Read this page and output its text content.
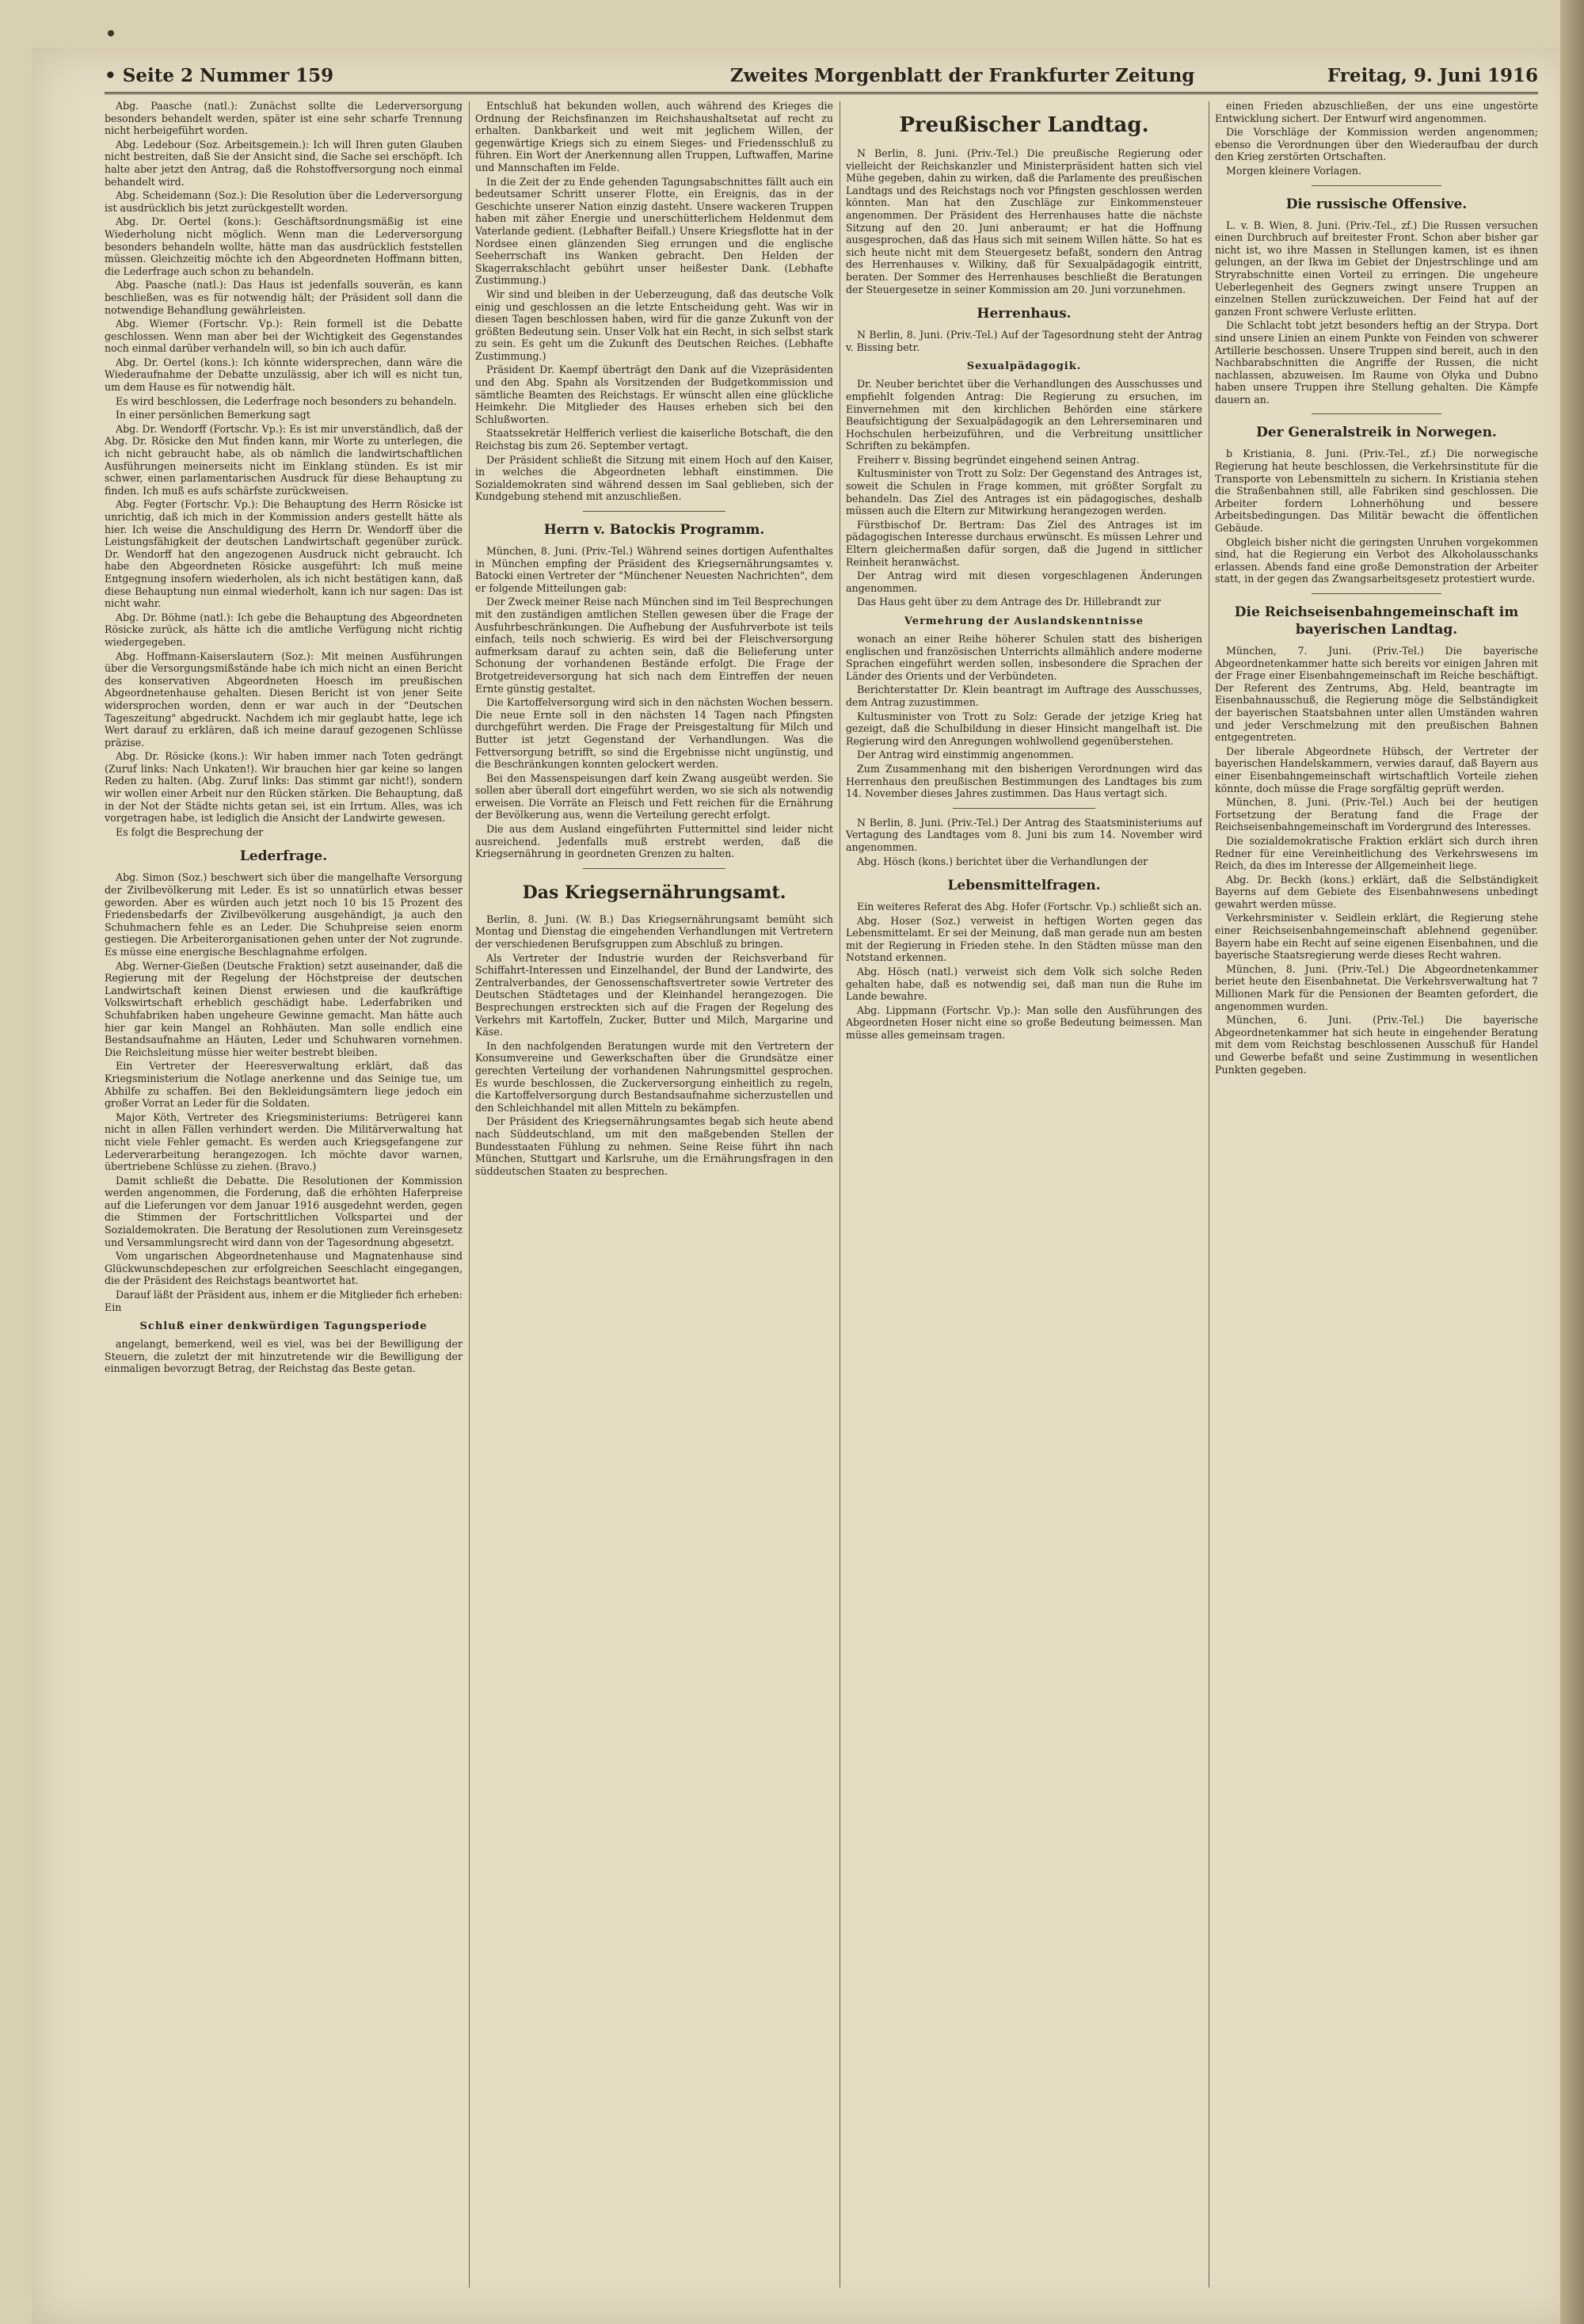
• Seite 2 Nummer 159	Zweites Morgenblatt der Frankfurter Zeitung	Freitag, 9. Juni 1916

Abg. Paasche (natl.): Zunächst sollte die Lederversorgung besonders behandelt werden, später ist eine sehr scharfe Trennung nicht herbeigeführt worden.

Abg. Ledebour (Soz. Arbeitsgemein.): Ich will Ihren guten Glauben nicht bestreiten, daß Sie der Ansicht sind, die Sache sei erschöpft. Ich halte aber jetzt den Antrag, daß die Rohstoffversorgung noch einmal behandelt wird.

Abg. Scheidemann (Soz.): Die Resolution über die Lederversorgung ist ausdrücklich bis jetzt zurückgestellt worden.

Abg. Dr. Oertel (kons.): Geschäftsordnungsmäßig ist eine Wiederholung nicht möglich. Wenn man die Lederversorgung besonders behandeln wollte, hätte man das ausdrücklich feststellen müssen. Gleichzeitig möchte ich den Abgeordneten Hoffmann bitten, die Lederfrage auch schon zu behandeln.

Abg. Paasche (natl.): Das Haus ist jedenfalls souverän, es kann beschließen, was es für notwendig hält; der Präsident soll dann die notwendige Behandlung gewährleisten.

Abg. Wiemer (Fortschr. Vp.): Rein formell ist die Debatte geschlossen. Wenn man aber bei der Wichtigkeit des Gegenstandes noch einmal darüber verhandeln will, so bin ich auch dafür.

Abg. Dr. Oertel (kons.): Ich könnte widersprechen, dann wäre die Wiederaufnahme der Debatte unzulässig, aber ich will es nicht tun, um dem Hause es für notwendig hält.

Es wird beschlossen, die Lederfrage noch besonders zu behandeln.

In einer persönlichen Bemerkung sagt

Abg. Dr. Wendorff (Fortschr. Vp.): Es ist mir unverständlich, daß der Abg. Dr. Rösicke den Mut finden kann, mir Worte zu unterlegen, die ich nicht gebraucht habe, als ob nämlich die landwirtschaftlichen Ausführungen meinerseits nicht im Einklang stünden. Es ist mir schwer, einen parlamentarischen Ausdruck für diese Behauptung zu finden. Ich muß es aufs schärfste zurückweisen.

Abg. Fegter (Fortschr. Vp.): Die Behauptung des Herrn Rösicke ist unrichtig, daß ich mich in der Kommission anders gestellt hätte als hier. Ich weise die Anschuldigung des Herrn Dr. Wendorff über die Leistungsfähigkeit der deutschen Landwirtschaft gegenüber zurück. Dr. Wendorff hat den angezogenen Ausdruck nicht gebraucht. Ich habe den Abgeordneten Rösicke ausgeführt: Ich muß meine Entgegnung insofern wiederholen, als ich nicht bestätigen kann, daß diese Behauptung nun einmal wiederholt, kann ich nur sagen: Das ist nicht wahr.

Abg. Dr. Böhme (natl.): Ich gebe die Behauptung des Abgeordneten Rösicke zurück, als hätte ich die amtliche Verfügung nicht richtig wiedergegeben.

Abg. Hoffmann-Kaiserslautern (Soz.): Mit meinen Ausführungen über die Versorgungsmißstände habe ich mich nicht an einen Bericht des konservativen Abgeordneten Hoesch im preußischen Abgeordnetenhause gehalten. Diesen Bericht ist von jener Seite widersprochen worden, denn er war auch in der "Deutschen Tageszeitung" abgedruckt. Nachdem ich mir geglaubt hatte, lege ich Wert darauf zu erklären, daß ich meine darauf gezogenen Schlüsse präzise.

Abg. Dr. Rösicke (kons.): Wir haben immer nach Toten gedrängt (Zuruf links: Nach Unkaten!). Wir brauchen hier gar keine so langen Reden zu halten. (Abg. Zuruf links: Das stimmt gar nicht!), sondern wir wollen einer Arbeit nur den Rücken stärken. Die Behauptung, daß in der Not der Städte nichts getan sei, ist ein Irrtum. Alles, was ich vorgetragen habe, ist lediglich die Ansicht der Landwirte gewesen.

Es folgt die Besprechung der

Lederfrage.

Abg. Simon (Soz.) beschwert sich über die mangelhafte Versorgung der Zivilbevölkerung mit Leder. Es ist so unnatürlich etwas besser geworden. Aber es würden auch jetzt noch 10 bis 15 Prozent des Friedensbedarfs der Zivilbevölkerung ausgehändigt, ja auch den Schuhmachern fehle es an Leder. Die Schuhpreise seien enorm gestiegen. Die Arbeiterorganisationen gehen unter der Not zugrunde. Es müsse eine energische Beschlagnahme erfolgen.

Abg. Werner-Gießen (Deutsche Fraktion) setzt auseinander, daß die Regierung mit der Regelung der Höchstpreise der deutschen Landwirtschaft keinen Dienst erwiesen und die kaufkräftige Volkswirtschaft erheblich geschädigt habe. Lederfabriken und Schuhfabriken haben ungeheure Gewinne gemacht. Man hätte auch hier gar kein Mangel an Rohhäuten. Man solle endlich eine Bestandsaufnahme an Häuten, Leder und Schuhwaren vornehmen. Die Reichsleitung müsse hier weiter bestrebt bleiben.

Ein Vertreter der Heeresverwaltung erklärt, daß das Kriegsministerium die Notlage anerkenne und das Seinige tue, um Abhilfe zu schaffen. Bei den Bekleidungsämtern liege jedoch ein großer Vorrat an Leder für die Soldaten.

Major Köth, Vertreter des Kriegsministeriums: Betrügerei kann nicht in allen Fällen verhindert werden. Die Militärverwaltung hat nicht viele Fehler gemacht. Es werden auch Kriegsgefangene zur Lederverarbeitung herangezogen. Ich möchte davor warnen, übertriebene Schlüsse zu ziehen. (Bravo.)

Damit schließt die Debatte. Die Resolutionen der Kommission werden angenommen, die Forderung, daß die erhöhten Haferpreise auf die Lieferungen vor dem Januar 1916 ausgedehnt werden, gegen die Stimmen der Fortschrittlichen Volkspartei und der Sozialdemokraten. Die Beratung der Resolutionen zum Vereinsgesetz und Versammlungsrecht wird dann von der Tagesordnung abgesetzt.

Vom ungarischen Abgeordnetenhause und Magnatenhause sind Glückwunschdepeschen zur erfolgreichen Seeschlacht eingegangen, die der Präsident des Reichstags beantwortet hat.

Darauf läßt der Präsident aus, inhem er die Mitglieder fich erheben: Ein

Schluß einer denkwürdigen Tagungsperiode

angelangt, bemerkend, weil es viel, was bei der Bewilligung der Steuern, die zuletzt der mit hinzutretende wir die Bewilligung der einmaligen bevorzugt Betrag, der Reichstag das Beste getan.

Entschluß hat bekunden wollen, auch während des Krieges die Ordnung der Reichsfinanzen im Reichshaushaltsetat auf recht zu erhalten. Dankbarkeit und weit mit jeglichem Willen, der gegenwärtige Kriegs sich zu einem Sieges- und Friedensschluß zu führen. Ein Wort der Anerkennung allen Truppen, Luftwaffen, Marine und Mannschaften im Felde.

In die Zeit der zu Ende gehenden Tagungsabschnittes fällt auch ein bedeutsamer Schritt unserer Flotte, ein Ereignis, das in der Geschichte unserer Nation einzig dasteht. Unsere wackeren Truppen haben mit zäher Energie und unerschütterlichem Heldenmut dem Vaterlande gedient. (Lebhafter Beifall.) Unsere Kriegsflotte hat in der Nordsee einen glänzenden Sieg errungen und die englische Seeherrschaft ins Wanken gebracht. Den Helden der Skagerrakschlacht gebührt unser heißester Dank. (Lebhafte Zustimmung.)

Wir sind und bleiben in der Ueberzeugung, daß das deutsche Volk einig und geschlossen an die letzte Entscheidung geht. Was wir in diesen Tagen beschlossen haben, wird für die ganze Zukunft von der größten Bedeutung sein. Unser Volk hat ein Recht, in sich selbst stark zu sein. Es geht um die Zukunft des Deutschen Reiches. (Lebhafte Zustimmung.)

Präsident Dr. Kaempf überträgt den Dank auf die Vizepräsidenten und den Abg. Spahn als Vorsitzenden der Budgetkommission und sämtliche Beamten des Reichstags. Er wünscht allen eine glückliche Heimkehr. Die Mitglieder des Hauses erheben sich bei den Schlußworten.

Staatssekretär Helfferich verliest die kaiserliche Botschaft, die den Reichstag bis zum 26. September vertagt.

Der Präsident schließt die Sitzung mit einem Hoch auf den Kaiser, in welches die Abgeordneten lebhaft einstimmen. Die Sozialdemokraten sind während dessen im Saal geblieben, sich der Kundgebung stehend mit anzuschließen.

Herrn v. Batockis Programm.

München, 8. Juni. (Priv.-Tel.) Während seines dortigen Aufenthaltes in München empfing der Präsident des Kriegsernährungsamtes v. Batocki einen Vertreter der "Münchener Neuesten Nachrichten", dem er folgende Mitteilungen gab:

Der Zweck meiner Reise nach München sind im Teil Besprechungen mit den zuständigen amtlichen Stellen gewesen über die Frage der Ausfuhrbeschränkungen. Die Aufhebung der Ausfuhrverbote ist teils einfach, teils noch schwierig. Es wird bei der Fleischversorgung aufmerksam darauf zu achten sein, daß die Belieferung unter Schonung der vorhandenen Bestände erfolgt. Die Frage der Brotgetreideversorgung hat sich nach dem Eintreffen der neuen Ernte günstig gestaltet.

Die Kartoffelversorgung wird sich in den nächsten Wochen bessern. Die neue Ernte soll in den nächsten 14 Tagen nach Pfingsten durchgeführt werden. Die Frage der Preisgestaltung für Milch und Butter ist jetzt Gegenstand der Verhandlungen. Was die Fettversorgung betrifft, so sind die Ergebnisse nicht ungünstig, und die Beschränkungen konnten gelockert werden.

Bei den Massenspeisungen darf kein Zwang ausgeübt werden. Sie sollen aber überall dort eingeführt werden, wo sie sich als notwendig erweisen. Die Vorräte an Fleisch und Fett reichen für die Ernährung der Bevölkerung aus, wenn die Verteilung gerecht erfolgt.

Die aus dem Ausland eingeführten Futtermittel sind leider nicht ausreichend. Jedenfalls muß erstrebt werden, daß die Kriegsernährung in geordneten Grenzen zu halten.

Das Kriegsernährungsamt.

Berlin, 8. Juni. (W. B.) Das Kriegsernährungsamt bemüht sich Montag und Dienstag die eingehenden Verhandlungen mit Vertretern der verschiedenen Berufsgruppen zum Abschluß zu bringen.

Als Vertreter der Industrie wurden der Reichsverband für Schiffahrt-Interessen und Einzelhandel, der Bund der Landwirte, des Zentralverbandes, der Genossenschaftsvertreter sowie Vertreter des Deutschen Städtetages und der Kleinhandel herangezogen. Die Besprechungen erstreckten sich auf die Fragen der Regelung des Verkehrs mit Kartoffeln, Zucker, Butter und Milch, Margarine und Käse.

In den nachfolgenden Beratungen wurde mit den Vertretern der Konsumvereine und Gewerkschaften über die Grundsätze einer gerechten Verteilung der vorhandenen Nahrungsmittel gesprochen. Es wurde beschlossen, die Zuckerversorgung einheitlich zu regeln, die Kartoffelversorgung durch Bestandsaufnahme sicherzustellen und den Schleichhandel mit allen Mitteln zu bekämpfen.

Der Präsident des Kriegsernährungsamtes begab sich heute abend nach Süddeutschland, um mit den maßgebenden Stellen der Bundesstaaten Fühlung zu nehmen. Seine Reise führt ihn nach München, Stuttgart und Karlsruhe, um die Ernährungsfragen in den süddeutschen Staaten zu besprechen.

Preußischer Landtag.

N Berlin, 8. Juni. (Priv.-Tel.) Die preußische Regierung oder vielleicht der Reichskanzler und Ministerpräsident hatten sich viel Mühe gegeben, dahin zu wirken, daß die Parlamente des preußischen Landtags und des Reichstags noch vor Pfingsten geschlossen werden könnten. Man hat den Zuschläge zur Einkommensteuer angenommen. Der Präsident des Herrenhauses hatte die nächste Sitzung auf den 20. Juni anberaumt; er hat die Hoffnung ausgesprochen, daß das Haus sich mit seinem Willen hätte. So hat es sich heute nicht mit dem Steuergesetz befaßt, sondern den Antrag des Herrenhauses v. Wilkiny, daß für Sexualpädagogik eintritt, beraten. Der Sommer des Herrenhauses beschließt die Beratungen der Steuergesetze in seiner Kommission am 20. Juni vorzunehmen.

Herrenhaus.

N Berlin, 8. Juni. (Priv.-Tel.) Auf der Tagesordnung steht der Antrag v. Bissing betr.

Sexualpädagogik.

Dr. Neuber berichtet über die Verhandlungen des Ausschusses und empfiehlt folgenden Antrag: Die Regierung zu ersuchen, im Einvernehmen mit den kirchlichen Behörden eine stärkere Beaufsichtigung der Sexualpädagogik an den Lehrerseminaren und Hochschulen herbeizuführen, und die Verbreitung unsittlicher Schriften zu bekämpfen.

Freiherr v. Bissing begründet eingehend seinen Antrag.

Kultusminister von Trott zu Solz: Der Gegenstand des Antrages ist, soweit die Schulen in Frage kommen, mit größter Sorgfalt zu behandeln. Das Ziel des Antrages ist ein pädagogisches, deshalb müssen auch die Eltern zur Mitwirkung herangezogen werden.

Fürstbischof Dr. Bertram: Das Ziel des Antrages ist im pädagogischen Interesse durchaus erwünscht. Es müssen Lehrer und Eltern gleichermaßen dafür sorgen, daß die Jugend in sittlicher Reinheit heranwächst.

Der Antrag wird mit diesen vorgeschlagenen Änderungen angenommen.

Das Haus geht über zu dem Antrage des Dr. Hillebrandt zur

Vermehrung der Auslandskenntnisse

wonach an einer Reihe höherer Schulen statt des bisherigen englischen und französischen Unterrichts allmählich andere moderne Sprachen eingeführt werden sollen, insbesondere die Sprachen der Länder des Orients und der Verbündeten.

Berichterstatter Dr. Klein beantragt im Auftrage des Ausschusses, dem Antrag zuzustimmen.

Kultusminister von Trott zu Solz: Gerade der jetzige Krieg hat gezeigt, daß die Schulbildung in dieser Hinsicht mangelhaft ist. Die Regierung wird den Anregungen wohlwollend gegenüberstehen.

Der Antrag wird einstimmig angenommen.

Zum Zusammenhang mit den bisherigen Verordnungen wird das Herrenhaus den preußischen Bestimmungen des Landtages bis zum 14. November dieses Jahres zustimmen. Das Haus vertagt sich.

N Berlin, 8. Juni. (Priv.-Tel.) Der Antrag des Staatsministeriums auf Vertagung des Landtages vom 8. Juni bis zum 14. November wird angenommen.

Abg. Hösch (kons.) berichtet über die Verhandlungen der

Lebensmittelfragen.

Ein weiteres Referat des Abg. Hofer (Fortschr. Vp.) schließt sich an.

Abg. Hoser (Soz.) verweist in heftigen Worten gegen das Lebensmittelamt. Er sei der Meinung, daß man gerade nun am besten mit der Regierung in Frieden stehe. In den Städten müsse man den Notstand erkennen.

Abg. Hösch (natl.) verweist sich dem Volk sich solche Reden gehalten habe, daß es notwendig sei, daß man nun die Ruhe im Lande bewahre.

Abg. Lippmann (Fortschr. Vp.): Man solle den Ausführungen des Abgeordneten Hoser nicht eine so große Bedeutung beimessen. Man müsse alles gemeinsam tragen.

einen Frieden abzuschließen, der uns eine ungestörte Entwicklung sichert. Der Entwurf wird angenommen.

Die Vorschläge der Kommission werden angenommen; ebenso die Verordnungen über den Wiederaufbau der durch den Krieg zerstörten Ortschaften.

Morgen kleinere Vorlagen.

Die russische Offensive.

L. v. B. Wien, 8. Juni. (Priv.-Tel., zf.) Die Russen versuchen einen Durchbruch auf breitester Front. Schon aber bisher gar nicht ist, wo ihre Massen in Stellungen kamen, ist es ihnen gelungen, an der Ikwa im Gebiet der Dnjestrschlinge und am Stryrabschnitte einen Vorteil zu erringen. Die ungeheure Ueberlegenheit des Gegners zwingt unsere Truppen an einzelnen Stellen zurückzuweichen. Der Feind hat auf der ganzen Front schwere Verluste erlitten.

Die Schlacht tobt jetzt besonders heftig an der Strypa. Dort sind unsere Linien an einem Punkte von Feinden von schwerer Artillerie beschossen. Unsere Truppen sind bereit, auch in den Nachbarabschnitten die Angriffe der Russen, die nicht nachlassen, abzuweisen. Im Raume von Olyka und Dubno haben unsere Truppen ihre Stellung gehalten. Die Kämpfe dauern an.

Der Generalstreik in Norwegen.

b Kristiania, 8. Juni. (Priv.-Tel., zf.) Die norwegische Regierung hat heute beschlossen, die Verkehrsinstitute für die Transporte von Lebensmitteln zu sichern. In Kristiania stehen die Straßenbahnen still, alle Fabriken sind geschlossen. Die Arbeiter fordern Lohnerhöhung und bessere Arbeitsbedingungen. Das Militär bewacht die öffentlichen Gebäude.

Obgleich bisher nicht die geringsten Unruhen vorgekommen sind, hat die Regierung ein Verbot des Alkoholausschanks erlassen. Abends fand eine große Demonstration der Arbeiter statt, in der gegen das Zwangsarbeitsgesetz protestiert wurde.

Die Reichseisenbahngemeinschaft im bayerischen Landtag.

München, 7. Juni. (Priv.-Tel.) Die bayerische Abgeordnetenkammer hatte sich bereits vor einigen Jahren mit der Frage einer Eisenbahngemeinschaft im Reiche beschäftigt. Der Referent des Zentrums, Abg. Held, beantragte im Eisenbahnausschuß, die Regierung möge die Selbständigkeit der bayerischen Staatsbahnen unter allen Umständen wahren und jeder Verschmelzung mit den preußischen Bahnen entgegentreten.

Der liberale Abgeordnete Hübsch, der Vertreter der bayerischen Handelskammern, verwies darauf, daß Bayern aus einer Eisenbahngemeinschaft wirtschaftlich Vorteile ziehen könnte, doch müsse die Frage sorgfältig geprüft werden.

München, 8. Juni. (Priv.-Tel.) Auch bei der heutigen Fortsetzung der Beratung fand die Frage der Reichseisenbahngemeinschaft im Vordergrund des Interesses.

Die sozialdemokratische Fraktion erklärt sich durch ihren Redner für eine Vereinheitlichung des Verkehrswesens im Reich, da dies im Interesse der Allgemeinheit liege.

Abg. Dr. Beckh (kons.) erklärt, daß die Selbständigkeit Bayerns auf dem Gebiete des Eisenbahnwesens unbedingt gewahrt werden müsse.

Verkehrsminister v. Seidlein erklärt, die Regierung stehe einer Reichseisenbahngemeinschaft ablehnend gegenüber. Bayern habe ein Recht auf seine eigenen Eisenbahnen, und die bayerische Staatsregierung werde dieses Recht wahren.

München, 8. Juni. (Priv.-Tel.) Die Abgeordnetenkammer beriet heute den Eisenbahnetat. Die Verkehrsverwaltung hat 7 Millionen Mark für die Pensionen der Beamten gefordert, die angenommen wurden.

München, 6. Juni. (Priv.-Tel.) Die bayerische Abgeordnetenkammer hat sich heute in eingehender Beratung mit dem vom Reichstag beschlossenen Ausschuß für Handel und Gewerbe befaßt und seine Zustimmung in wesentlichen Punkten gegeben.
